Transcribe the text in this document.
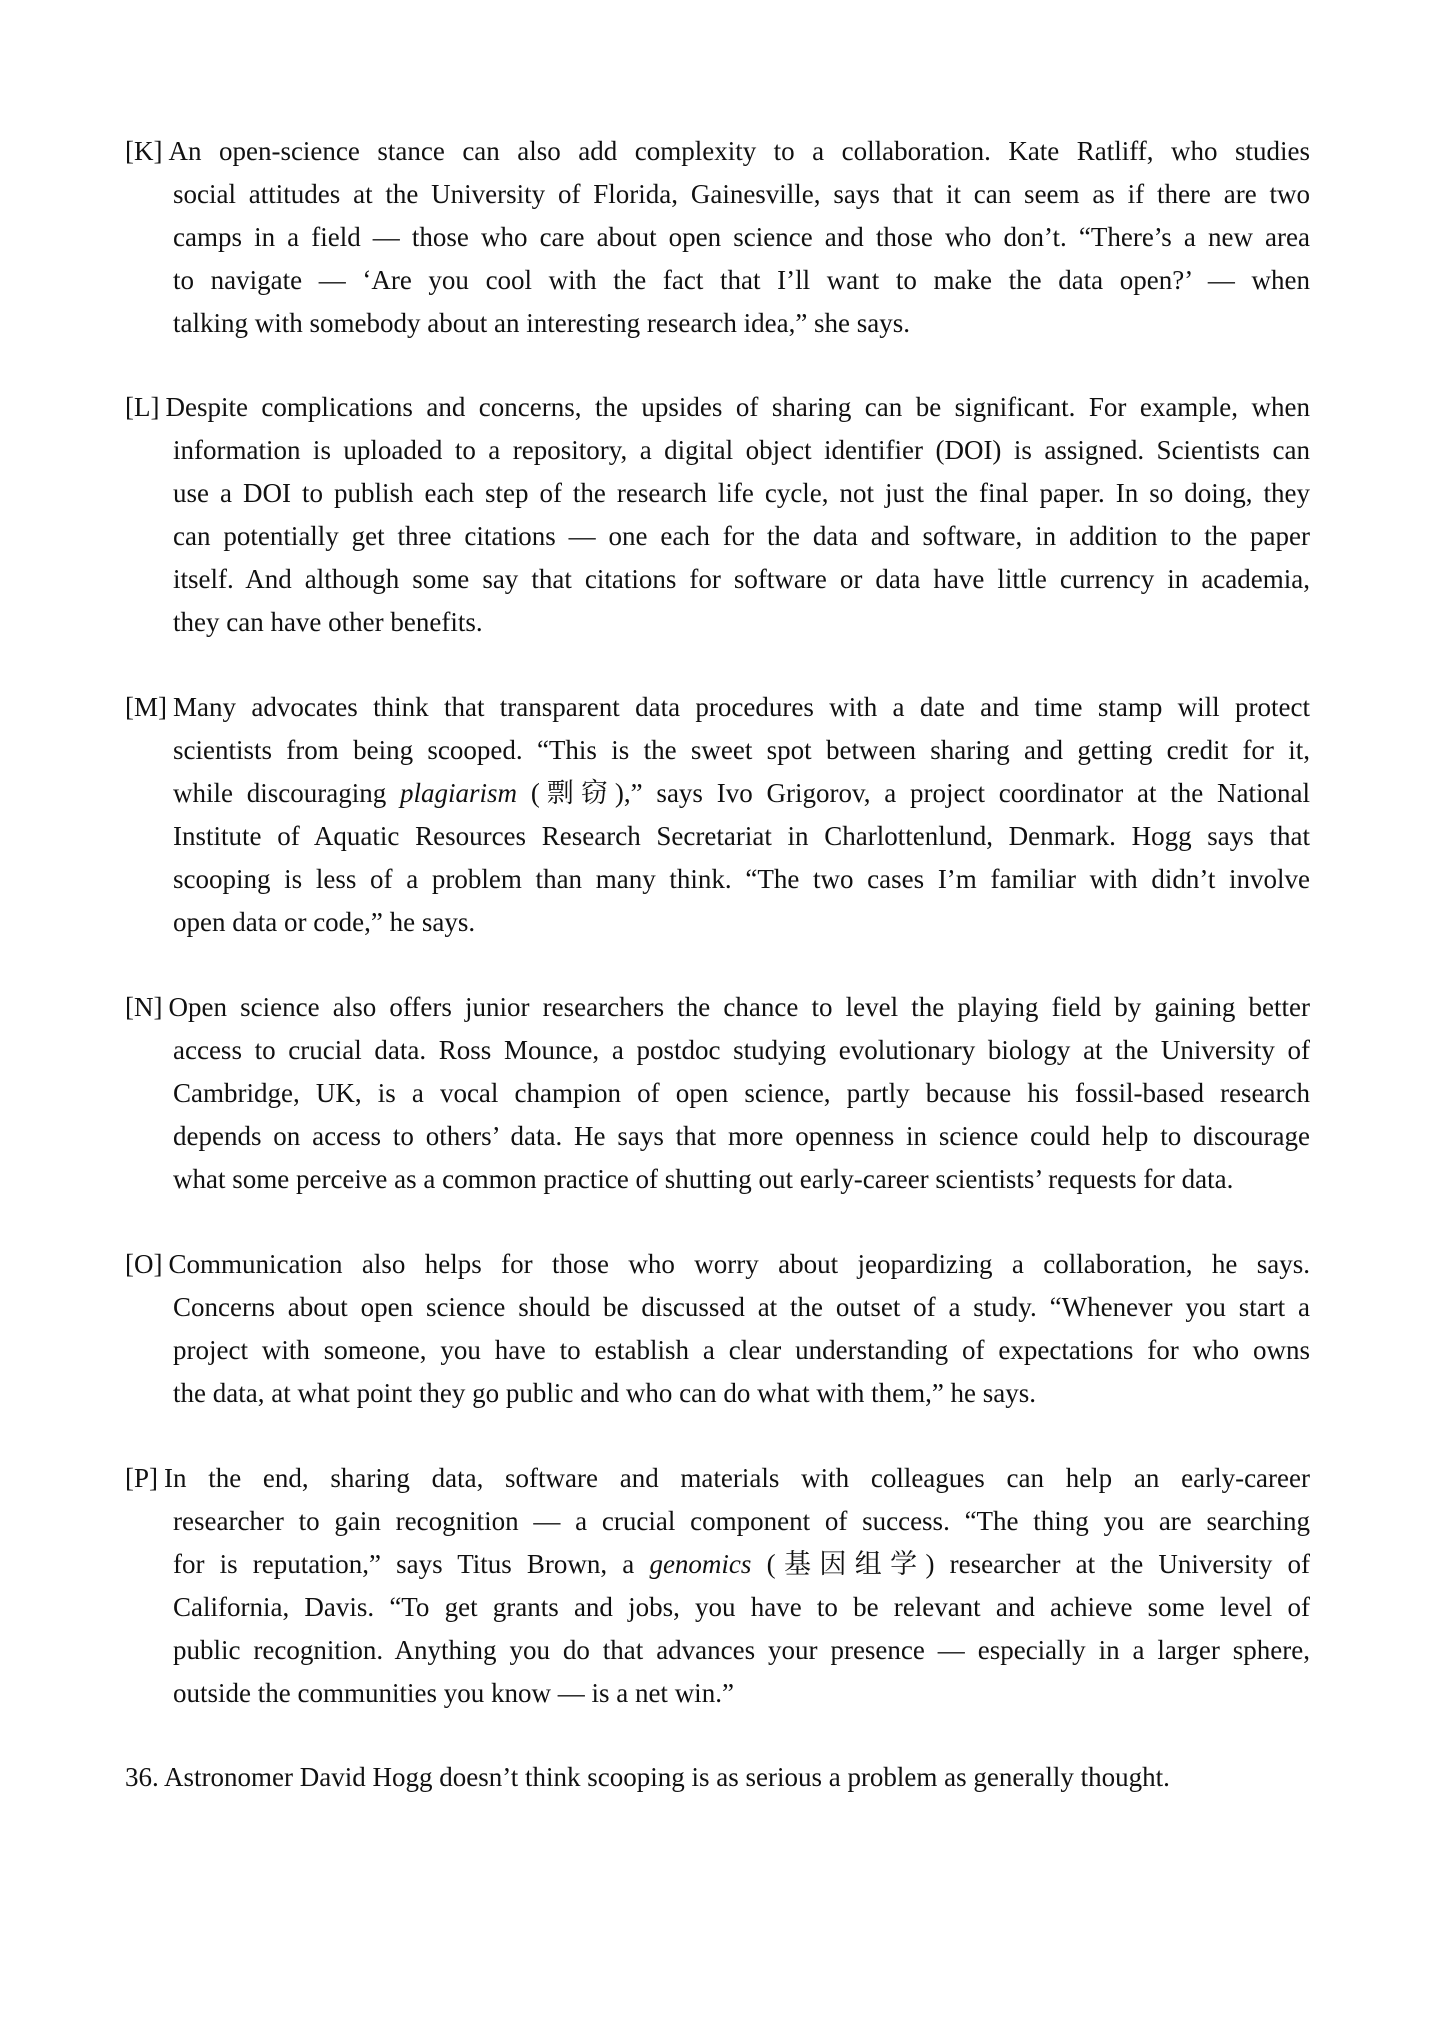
[K] An open-science stance can also add complexity to a collaboration. Kate Ratliff, who studies
social attitudes at the University of Florida, Gainesville, says that it can seem as if there are two
camps in a field — those who care about open science and those who don’t. “There’s a new area
to navigate — ‘Are you cool with the fact that I’ll want to make the data open?’ — when
talking with somebody about an interesting research idea,” she says.

[L] Despite complications and concerns, the upsides of sharing can be significant. For example, when
information is uploaded to a repository, a digital object identifier (DOI) is assigned. Scientists can
use a DOI to publish each step of the research life cycle, not just the final paper. In so doing, they
can potentially get three citations — one each for the data and software, in addition to the paper
itself. And although some say that citations for software or data have little currency in academia,
they can have other benefits.

[M] Many advocates think that transparent data procedures with a date and time stamp will protect
scientists from being scooped. “This is the sweet spot between sharing and getting credit for it,
while discouraging plagiarism (剽窃),” says Ivo Grigorov, a project coordinator at the National
Institute of Aquatic Resources Research Secretariat in Charlottenlund, Denmark. Hogg says that
scooping is less of a problem than many think. “The two cases I’m familiar with didn’t involve
open data or code,” he says.

[N] Open science also offers junior researchers the chance to level the playing field by gaining better
access to crucial data. Ross Mounce, a postdoc studying evolutionary biology at the University of
Cambridge, UK, is a vocal champion of open science, partly because his fossil-based research
depends on access to others’ data. He says that more openness in science could help to discourage
what some perceive as a common practice of shutting out early-career scientists’ requests for data.

[O] Communication also helps for those who worry about jeopardizing a collaboration, he says.
Concerns about open science should be discussed at the outset of a study. “Whenever you start a
project with someone, you have to establish a clear understanding of expectations for who owns
the data, at what point they go public and who can do what with them,” he says.

[P] In the end, sharing data, software and materials with colleagues can help an early-career
researcher to gain recognition — a crucial component of success. “The thing you are searching
for is reputation,” says Titus Brown, a genomics (基因组学) researcher at the University of
California, Davis. “To get grants and jobs, you have to be relevant and achieve some level of
public recognition. Anything you do that advances your presence — especially in a larger sphere,
outside the communities you know — is a net win.”

36. Astronomer David Hogg doesn’t think scooping is as serious a problem as generally thought.
